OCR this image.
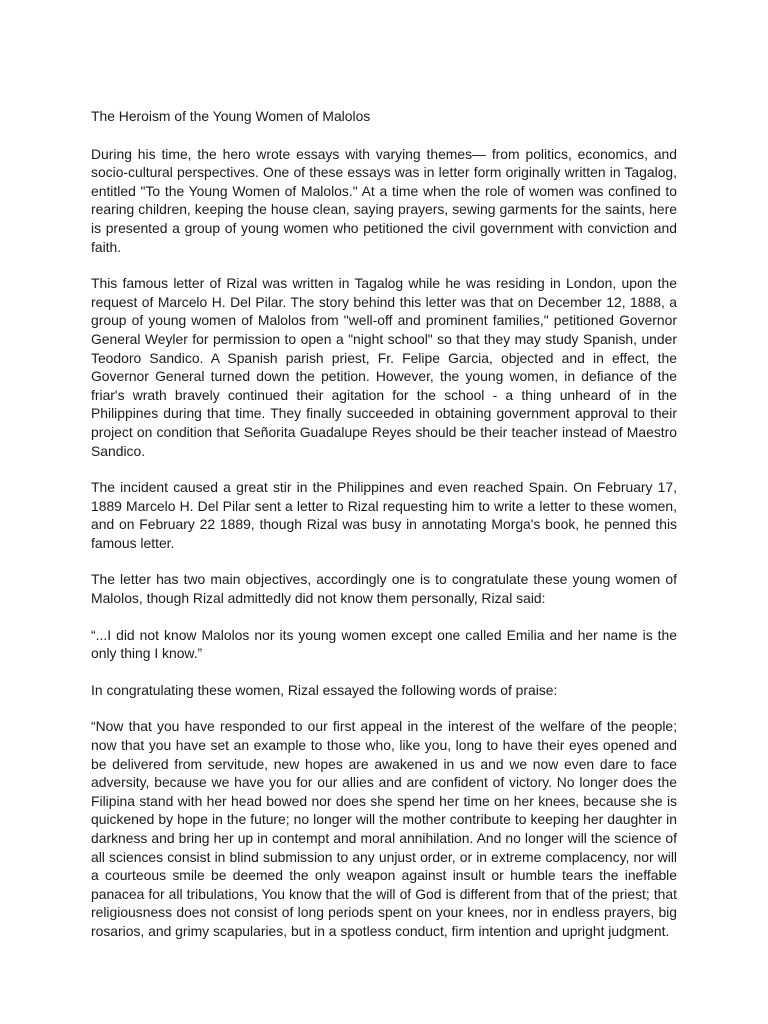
The Heroism of the Young Women of Malolos

During his time, the hero wrote essays with varying themes— from politics, economics, and socio-cultural perspectives. One of these essays was in letter form originally written in Tagalog, entitled "To the Young Women of Malolos." At a time when the role of women was confined to rearing children, keeping the house clean, saying prayers, sewing garments for the saints, here is presented a group of young women who petitioned the civil government with conviction and faith.

This famous letter of Rizal was written in Tagalog while he was residing in London, upon the request of Marcelo H. Del Pilar. The story behind this letter was that on December 12, 1888, a group of young women of Malolos from "well-off and prominent families," petitioned Governor General Weyler for permission to open a "night school" so that they may study Spanish, under Teodoro Sandico. A Spanish parish priest, Fr. Felipe Garcia, objected and in effect, the Governor General turned down the petition. However, the young women, in defiance of the friar's wrath bravely continued their agitation for the school - a thing unheard of in the Philippines during that time. They finally succeeded in obtaining government approval to their project on condition that Señorita Guadalupe Reyes should be their teacher instead of Maestro Sandico.

The incident caused a great stir in the Philippines and even reached Spain. On February 17, 1889 Marcelo H. Del Pilar sent a letter to Rizal requesting him to write a letter to these women, and on February 22 1889, though Rizal was busy in annotating Morga's book, he penned this famous letter.

The letter has two main objectives, accordingly one is to congratulate these young women of Malolos, though Rizal admittedly did not know them personally, Rizal said:

“...I did not know Malolos nor its young women except one called Emilia and her name is the only thing I know.”

In congratulating these women, Rizal essayed the following words of praise:

“Now that you have responded to our first appeal in the interest of the welfare of the people; now that you have set an example to those who, like you, long to have their eyes opened and be delivered from servitude, new hopes are awakened in us and we now even dare to face adversity, because we have you for our allies and are confident of victory. No longer does the Filipina stand with her head bowed nor does she spend her time on her knees, because she is quickened by hope in the future; no longer will the mother contribute to keeping her daughter in darkness and bring her up in contempt and moral annihilation. And no longer will the science of all sciences consist in blind submission to any unjust order, or in extreme complacency, nor will a courteous smile be deemed the only weapon against insult or humble tears the ineffable panacea for all tribulations, You know that the will of God is different from that of the priest; that religiousness does not consist of long periods spent on your knees, nor in endless prayers, big rosarios, and grimy scapularies, but in a spotless conduct, firm intention and upright judgment.
